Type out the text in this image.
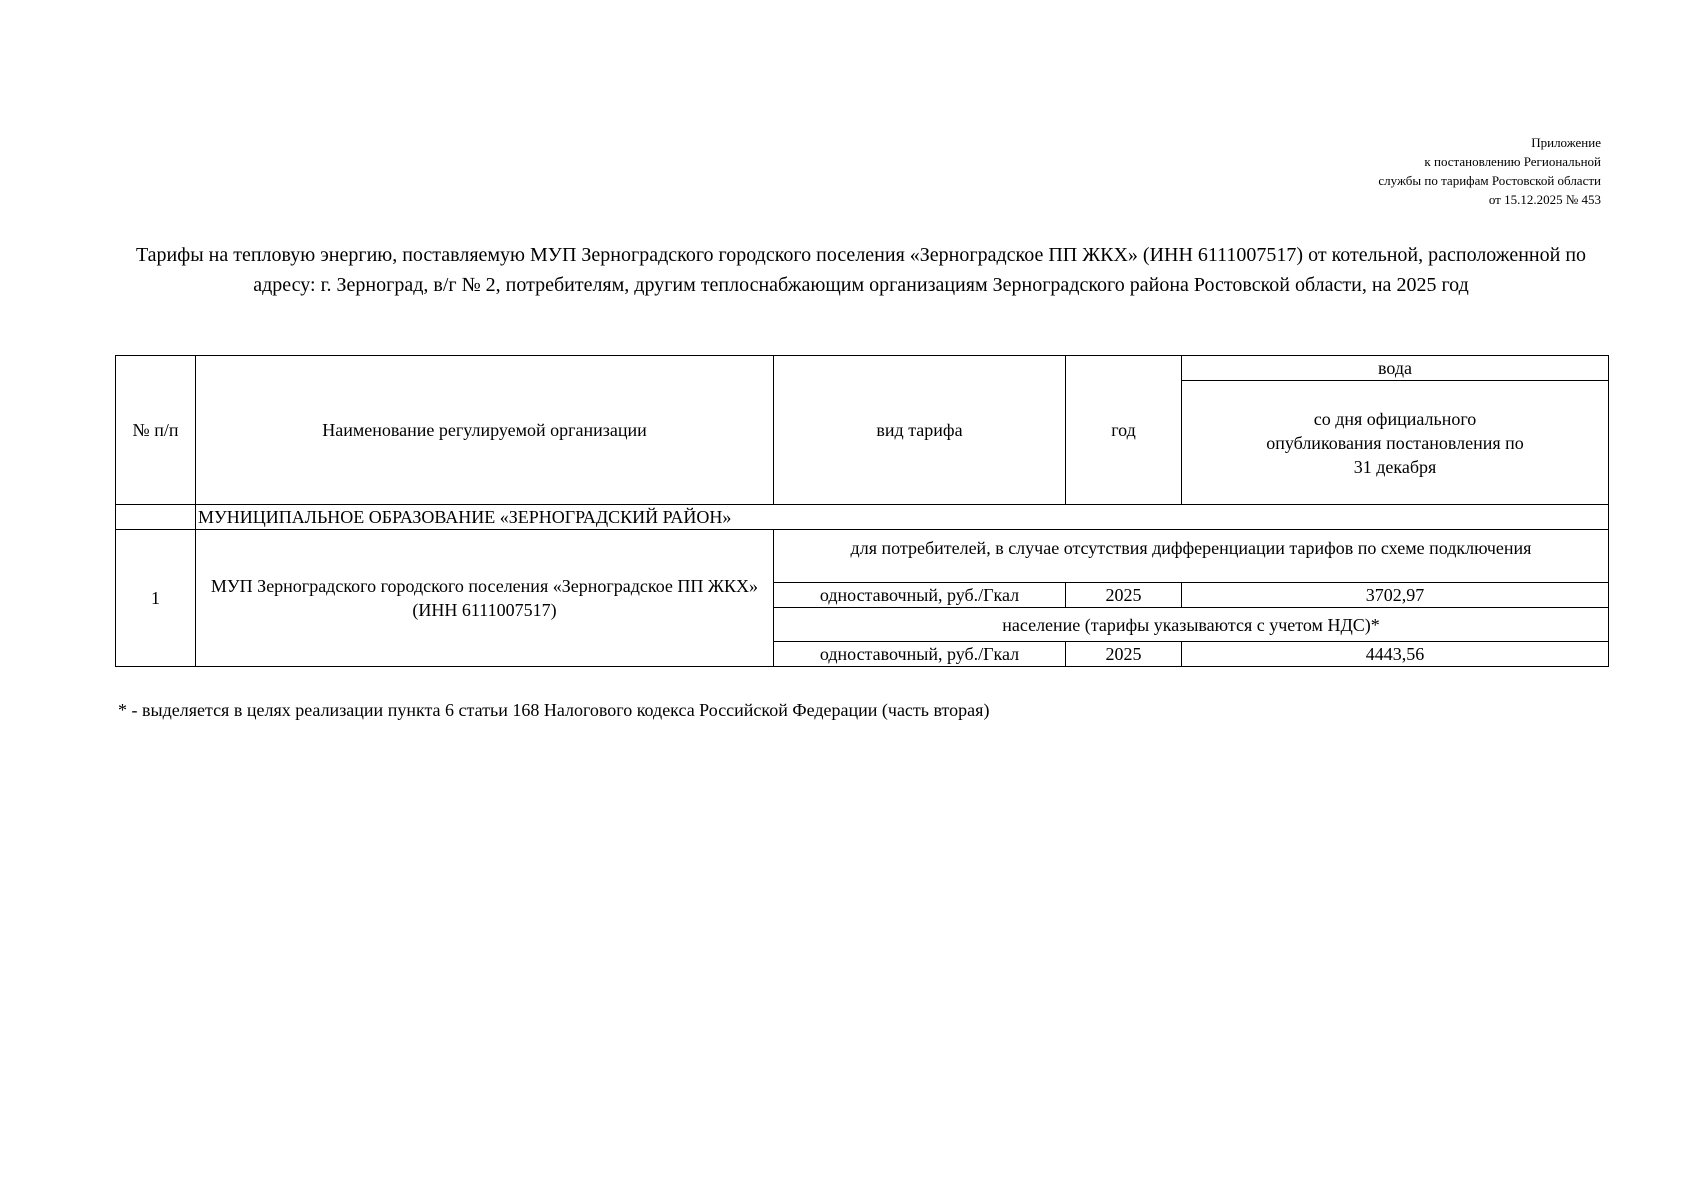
Приложение
к постановлению Региональной
службы по тарифам Ростовской области
от 15.12.2025 № 453
Тарифы на тепловую энергию, поставляемую МУП Зерноградского городского поселения «Зерноградское ПП ЖКХ» (ИНН 6111007517) от котельной, расположенной по адресу: г. Зерноград, в/г № 2, потребителям, другим теплоснабжающим организациям Зерноградского района Ростовской области, на 2025 год
№ п/п	Наименование регулируемой организации	вид тарифа	год	вода

				со дня официального опубликования постановления по 31 декабря

	МУНИЦИПАЛЬНОЕ ОБРАЗОВАНИЕ «ЗЕРНОГРАДСКИЙ РАЙОН»			
1	МУП Зерноградского городского поселения «Зерноградское ПП ЖКХ» (ИНН 6111007517)	для потребителей, в случае отсутствия дифференциации тарифов по схеме подключения		
		одноставочный, руб./Гкал	2025	3702,97
		население (тарифы указываются с учетом НДС)*		
		одноставочный, руб./Гкал	2025	4443,56
* - выделяется в целях реализации пункта 6 статьи 168 Налогового кодекса Российской Федерации (часть вторая)
